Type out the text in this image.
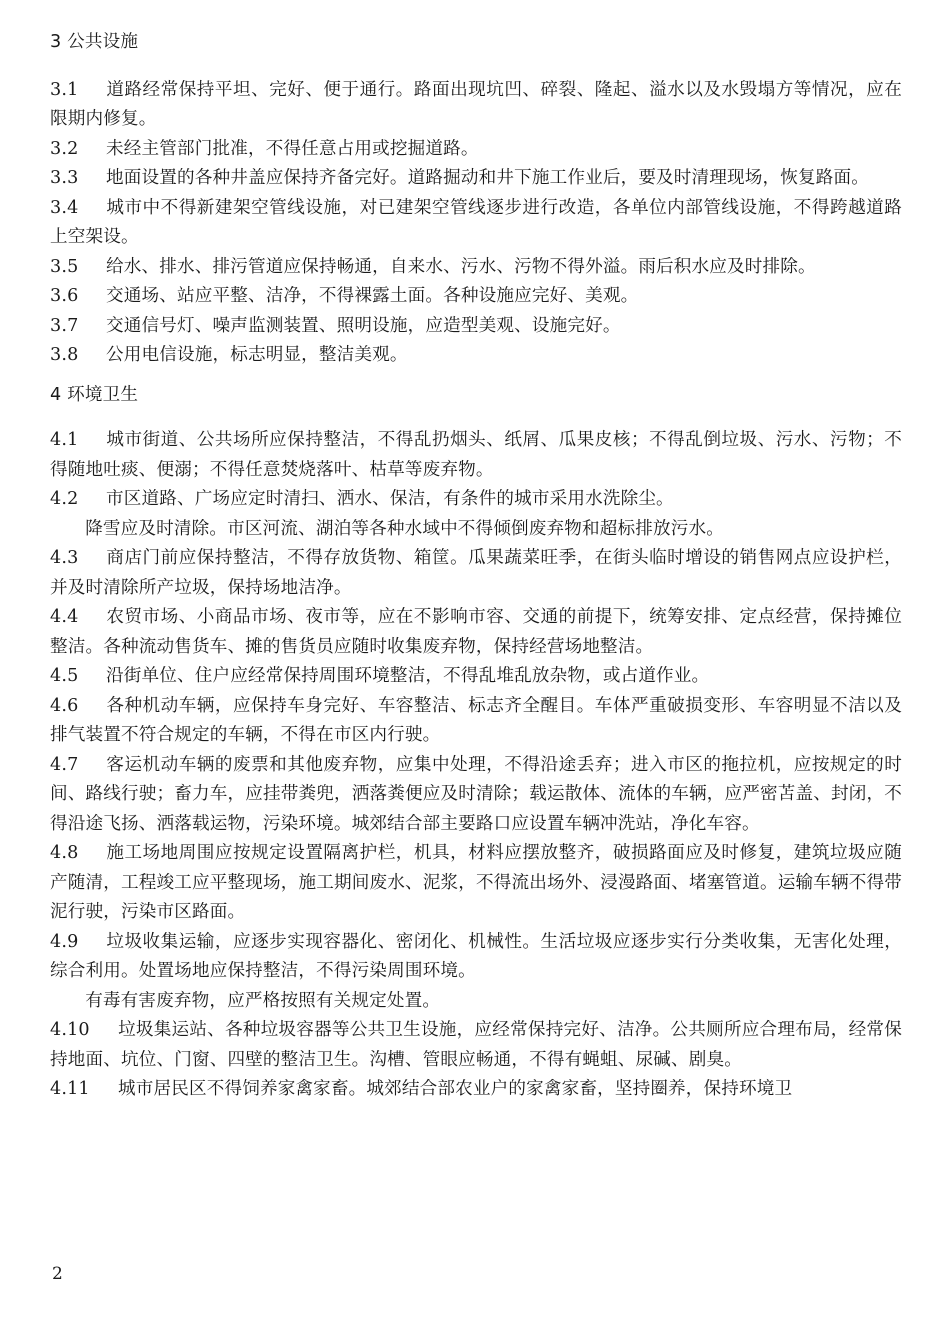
3 公共设施
3.1 道路经常保持平坦、完好、便于通行。路面出现坑凹、碎裂、隆起、溢水以及水毁塌方等情况，应在限期内修复。
3.2 未经主管部门批准，不得任意占用或挖掘道路。
3.3 地面设置的各种井盖应保持齐备完好。道路掘动和井下施工作业后，要及时清理现场，恢复路面。
3.4 城市中不得新建架空管线设施，对已建架空管线逐步进行改造，各单位内部管线设施，不得跨越道路上空架设。
3.5 给水、排水、排污管道应保持畅通，自来水、污水、污物不得外溢。雨后积水应及时排除。
3.6 交通场、站应平整、洁净，不得裸露土面。各种设施应完好、美观。
3.7 交通信号灯、噪声监测装置、照明设施，应造型美观、设施完好。
3.8 公用电信设施，标志明显，整洁美观。
4 环境卫生
4.1 城市街道、公共场所应保持整洁，不得乱扔烟头、纸屑、瓜果皮核；不得乱倒垃圾、污水、污物；不得随地吐痰、便溺；不得任意焚烧落叶、枯草等废弃物。
4.2 市区道路、广场应定时清扫、洒水、保洁，有条件的城市采用水洗除尘。
降雪应及时清除。市区河流、湖泊等各种水域中不得倾倒废弃物和超标排放污水。
4.3 商店门前应保持整洁，不得存放货物、箱筐。瓜果蔬菜旺季，在街头临时增设的销售网点应设护栏，并及时清除所产垃圾，保持场地洁净。
4.4 农贸市场、小商品市场、夜市等，应在不影响市容、交通的前提下，统筹安排、定点经营，保持摊位整洁。各种流动售货车、摊的售货员应随时收集废弃物，保持经营场地整洁。
4.5 沿街单位、住户应经常保持周围环境整洁，不得乱堆乱放杂物，或占道作业。
4.6 各种机动车辆，应保持车身完好、车容整洁、标志齐全醒目。车体严重破损变形、车容明显不洁以及排气装置不符合规定的车辆，不得在市区内行驶。
4.7 客运机动车辆的废票和其他废弃物，应集中处理，不得沿途丢弃；进入市区的拖拉机，应按规定的时间、路线行驶；畜力车，应挂带粪兜，洒落粪便应及时清除；载运散体、流体的车辆，应严密苫盖、封闭，不得沿途飞扬、洒落载运物，污染环境。城郊结合部主要路口应设置车辆冲洗站，净化车容。
4.8 施工场地周围应按规定设置隔离护栏，机具，材料应摆放整齐，破损路面应及时修复，建筑垃圾应随产随清，工程竣工应平整现场，施工期间废水、泥浆，不得流出场外、浸漫路面、堵塞管道。运输车辆不得带泥行驶，污染市区路面。
4.9 垃圾收集运输，应逐步实现容器化、密闭化、机械性。生活垃圾应逐步实行分类收集，无害化处理，综合利用。处置场地应保持整洁，不得污染周围环境。
有毒有害废弃物，应严格按照有关规定处置。
4.10 垃圾集运站、各种垃圾容器等公共卫生设施，应经常保持完好、洁净。公共厕所应合理布局，经常保持地面、坑位、门窗、四壁的整洁卫生。沟槽、管眼应畅通，不得有蝇蛆、尿碱、剧臭。
4.11 城市居民区不得饲养家禽家畜。城郊结合部农业户的家禽家畜，坚持圈养，保持环境卫
2
